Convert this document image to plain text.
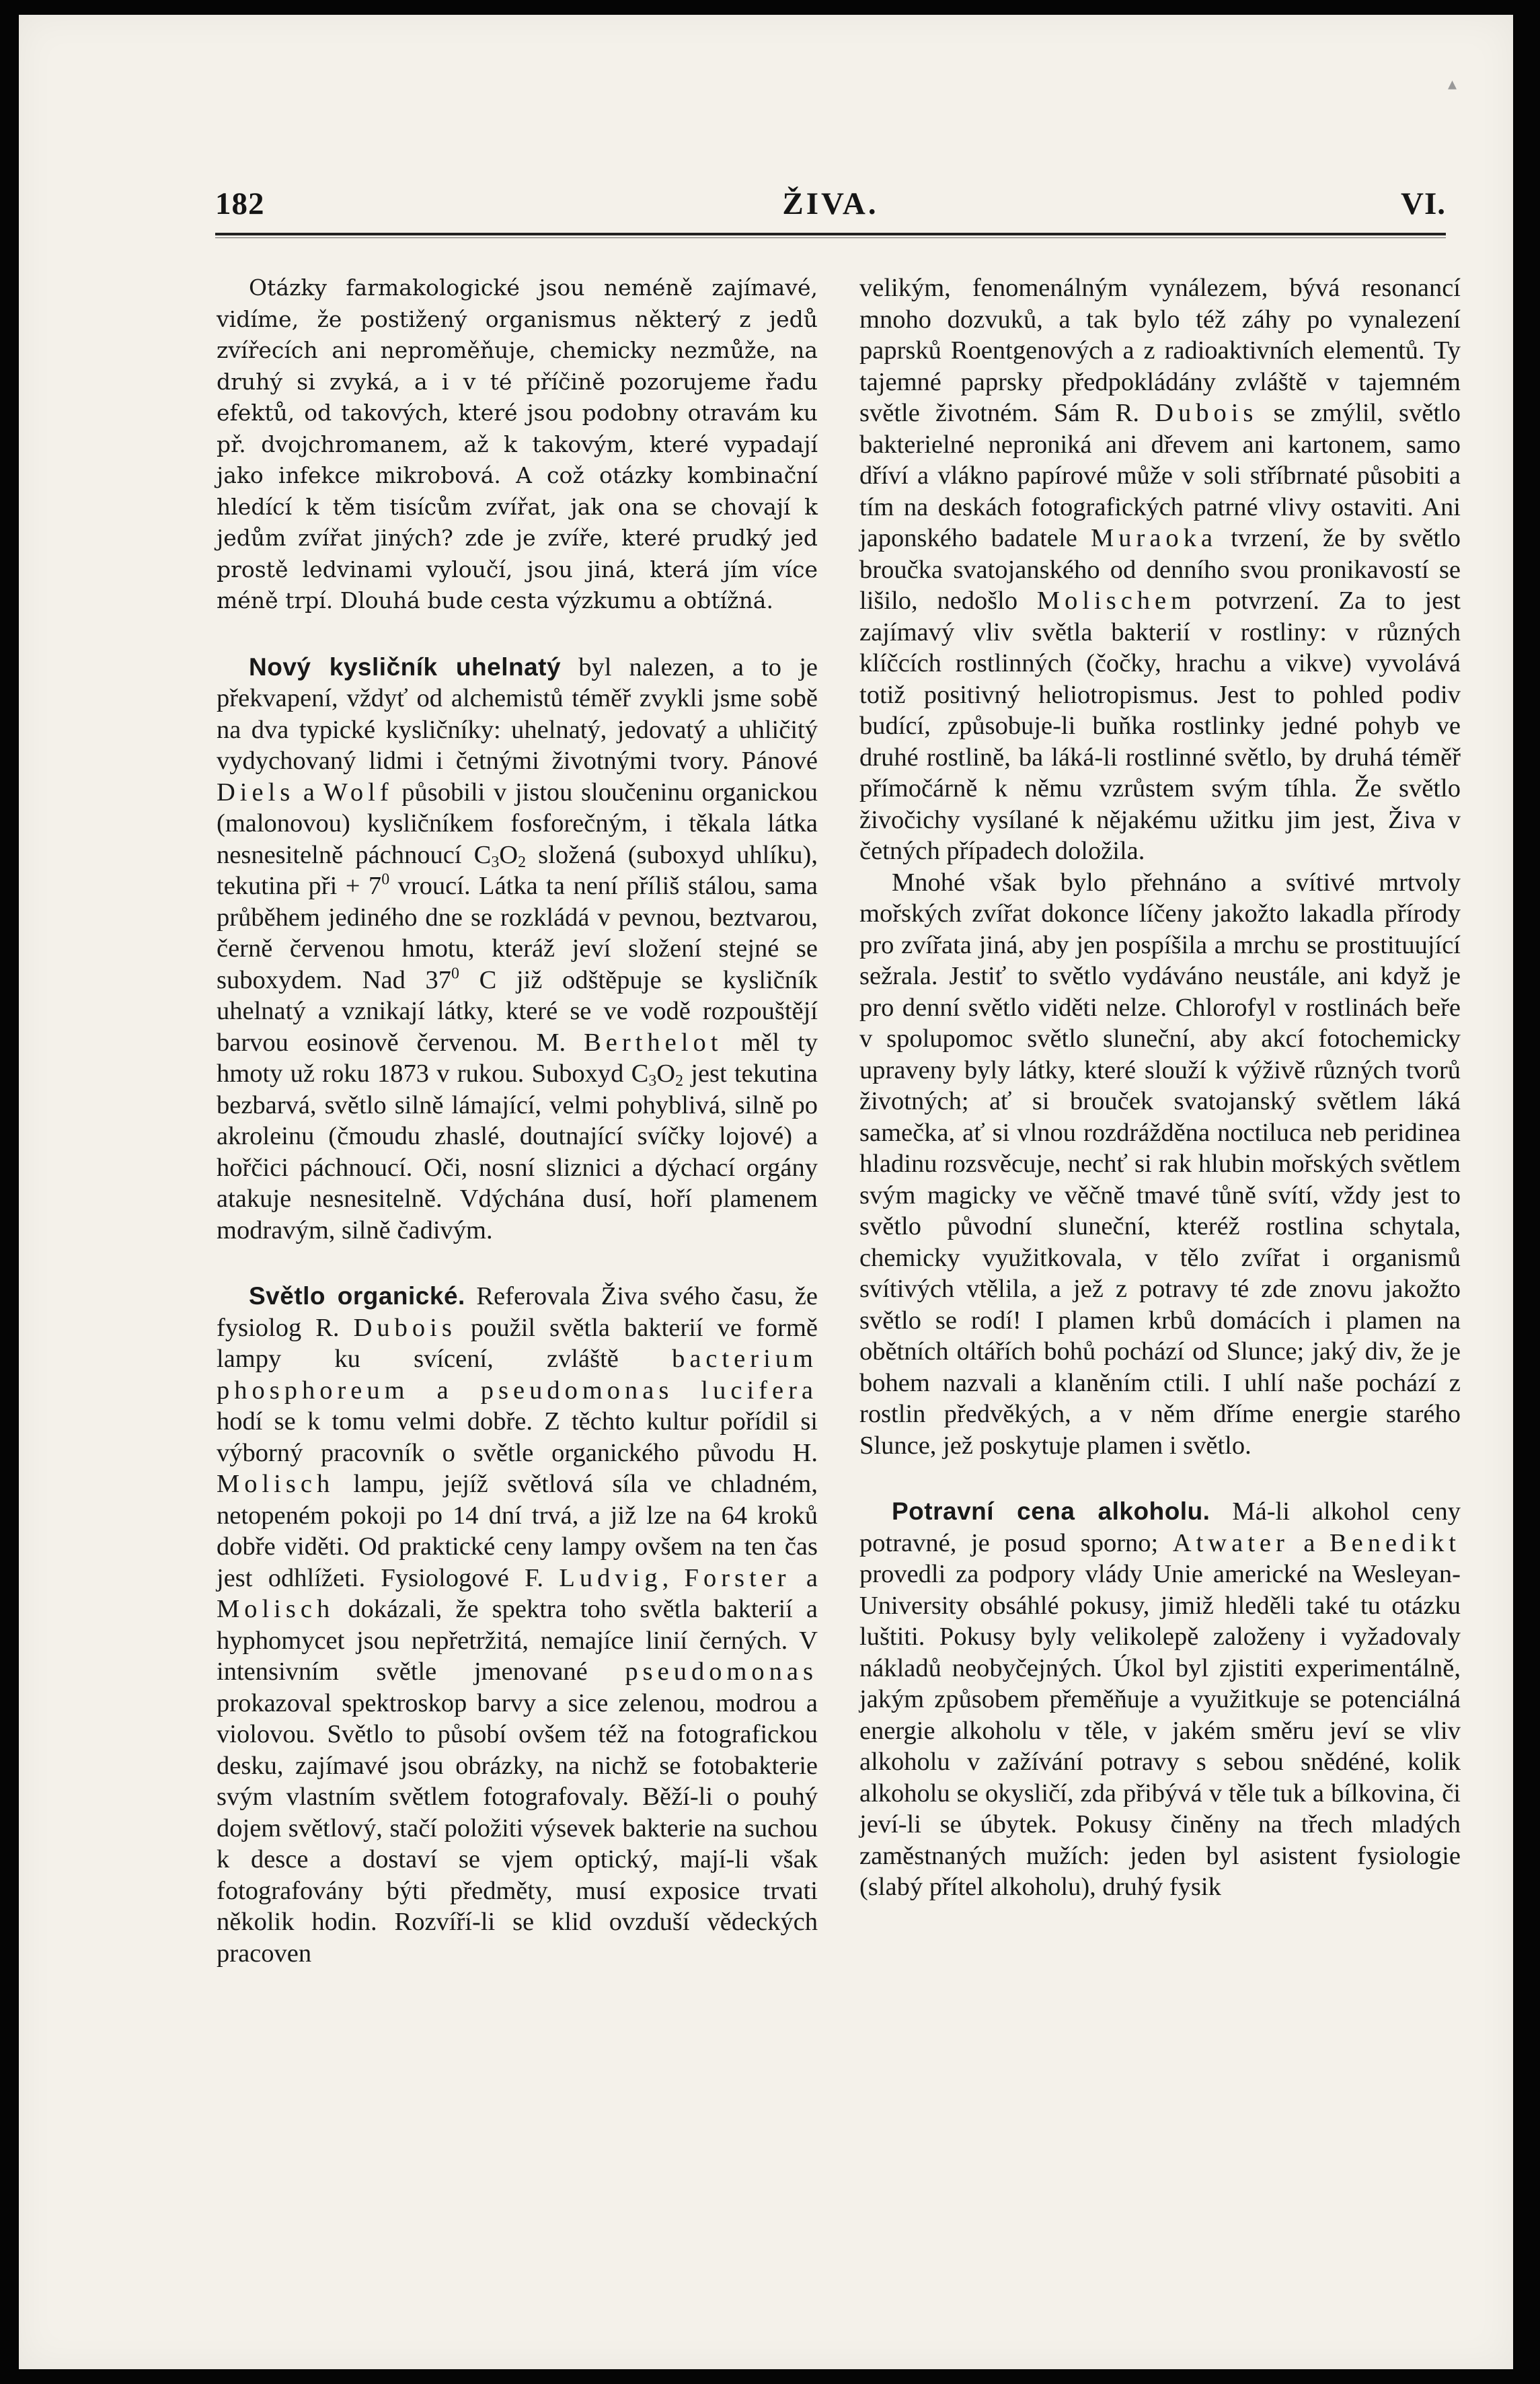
▴
182	ŽIVA.	VI.

Otázky farmakologické jsou neméně zajímavé, vidíme, že postižený organismus některý z jedů zvířecích ani neproměňuje, chemicky nezmůže, na druhý si zvyká, a i v té příčině pozorujeme řadu efektů, od takových, které jsou podobny otravám ku př. dvojchromanem, až k takovým, které vypadají jako infekce mikrobová. A což otázky kombinační hledící k těm tisícům zvířat, jak ona se chovají k jedům zvířat jiných? zde je zvíře, které prudký jed prostě ledvinami vyloučí, jsou jiná, která jím více méně trpí. Dlouhá bude cesta výzkumu a obtížná.

Nový kysličník uhelnatý byl nalezen, a to je překvapení, vždyť od alchemistů téměř zvykli jsme sobě na dva typické kysličníky: uhelnatý, jedovatý a uhličitý vydychovaný lidmi i četnými životnými tvory. Pánové Diels a Wolf působili v jistou sloučeninu organickou (malonovou) kysličníkem fosforečným, i těkala látka nesnesitelně páchnoucí $C_3O_2$ složená (suboxyd uhlíku), tekutina při + $7^0$ vroucí. Látka ta není příliš stálou, sama průběhem jediného dne se rozkládá v pevnou, beztvarou, černě červenou hmotu, kteráž jeví složení stejné se suboxydem. Nad $37^0$ C již odštěpuje se kysličník uhelnatý a vznikají látky, které se ve vodě rozpouštějí barvou eosinově červenou. M. Berthelot měl ty hmoty už roku 1873 v rukou. Suboxyd $C_3O_2$ jest tekutina bezbarvá, světlo silně lámající, velmi pohyblivá, silně po akroleinu (čmoudu zhaslé, doutnající svíčky lojové) a hořčici páchnoucí. Oči, nosní sliznici a dýchací orgány atakuje nesnesitelně. Vdýchána dusí, hoří plamenem modravým, silně čadivým.

Světlo organické. Referovala Živa svého času, že fysiolog R. Dubois použil světla bakterií ve formě lampy ku svícení, zvláště bacterium phosphoreum a pseudomonas lucifera hodí se k tomu velmi dobře. Z těchto kultur pořídil si výborný pracovník o světle organického původu H. Molisch lampu, jejíž světlová síla ve chladném, netopeném pokoji po 14 dní trvá, a již lze na 64 kroků dobře viděti. Od praktické ceny lampy ovšem na ten čas jest odhlížeti. Fysiologové F. Ludvig, Forster a Molisch dokázali, že spektra toho světla bakterií a hyphomycet jsou nepřetržitá, nemajíce linií černých. V intensivním světle jmenované pseudomonas prokazoval spektroskop barvy a sice zelenou, modrou a violovou. Světlo to působí ovšem též na fotografickou desku, zajímavé jsou obrázky, na nichž se fotobakterie svým vlastním světlem fotografovaly. Běží-li o pouhý dojem světlový, stačí položiti výsevek bakterie na suchou k desce a dostaví se vjem optický, mají-li však fotografovány býti předměty, musí exposice trvati několik hodin. Rozvíří-li se klid ovzduší vědeckých pracoven

velikým, fenomenálným vynálezem, bývá resonancí mnoho dozvuků, a tak bylo též záhy po vynalezení paprsků Roentgenových a z radioaktivních elementů. Ty tajemné paprsky předpokládány zvláště v tajemném světle životném. Sám R. Dubois se zmýlil, světlo bakterielné neproniká ani dřevem ani kartonem, samo dříví a vlákno papírové může v soli stříbrnaté působiti a tím na deskách fotografických patrné vlivy ostaviti. Ani japonského badatele Muraoka tvrzení, že by světlo broučka svatojanského od denního svou pronikavostí se lišilo, nedošlo Molischem potvrzení. Za to jest zajímavý vliv světla bakterií v rostliny: v různých klíčcích rostlinných (čočky, hrachu a vikve) vyvolává totiž positivný heliotropismus. Jest to pohled podiv budící, způsobuje-li buňka rostlinky jedné pohyb ve druhé rostlině, ba láká-li rostlinné světlo, by druhá téměř přímočárně k němu vzrůstem svým tíhla. Že světlo živočichy vysílané k nějakému užitku jim jest, Živa v četných případech doložila.

Mnohé však bylo přehnáno a svítivé mrtvoly mořských zvířat dokonce líčeny jakožto lakadla přírody pro zvířata jiná, aby jen pospíšila a mrchu se prostituující sežrala. Jestiť to světlo vydáváno neustále, ani když je pro denní světlo viděti nelze. Chlorofyl v rostlinách beře v spolupomoc světlo sluneční, aby akcí fotochemicky upraveny byly látky, které slouží k výživě různých tvorů životných; ať si brouček svatojanský světlem láká samečka, ať si vlnou rozdrážděna noctiluca neb peridinea hladinu rozsvěcuje, nechť si rak hlubin mořských světlem svým magicky ve věčně tmavé tůně svítí, vždy jest to světlo původní sluneční, kteréž rostlina schytala, chemicky využitkovala, v tělo zvířat i organismů svítivých vtělila, a jež z potravy té zde znovu jakožto světlo se rodí! I plamen krbů domácích i plamen na obětních oltářích bohů pochází od Slunce; jaký div, že je bohem nazvali a klaněním ctili. I uhlí naše pochází z rostlin předvěkých, a v něm dříme energie starého Slunce, jež poskytuje plamen i světlo.

Potravní cena alkoholu. Má-li alkohol ceny potravné, je posud sporno; Atwater a Benedikt provedli za podpory vlády Unie americké na Wesleyan-University obsáhlé pokusy, jimiž hleděli také tu otázku luštiti. Pokusy byly velikolepě založeny i vyžadovaly nákladů neobyčejných. Úkol byl zjistiti experimentálně, jakým způsobem přeměňuje a využitkuje se potenciálná energie alkoholu v těle, v jakém směru jeví se vliv alkoholu v zažívání potravy s sebou snědéné, kolik alkoholu se okysličí, zda přibývá v těle tuk a bílkovina, či jeví-li se úbytek. Pokusy činěny na třech mladých zaměstnaných mužích: jeden byl asistent fysiologie (slabý přítel alkoholu), druhý fysik
